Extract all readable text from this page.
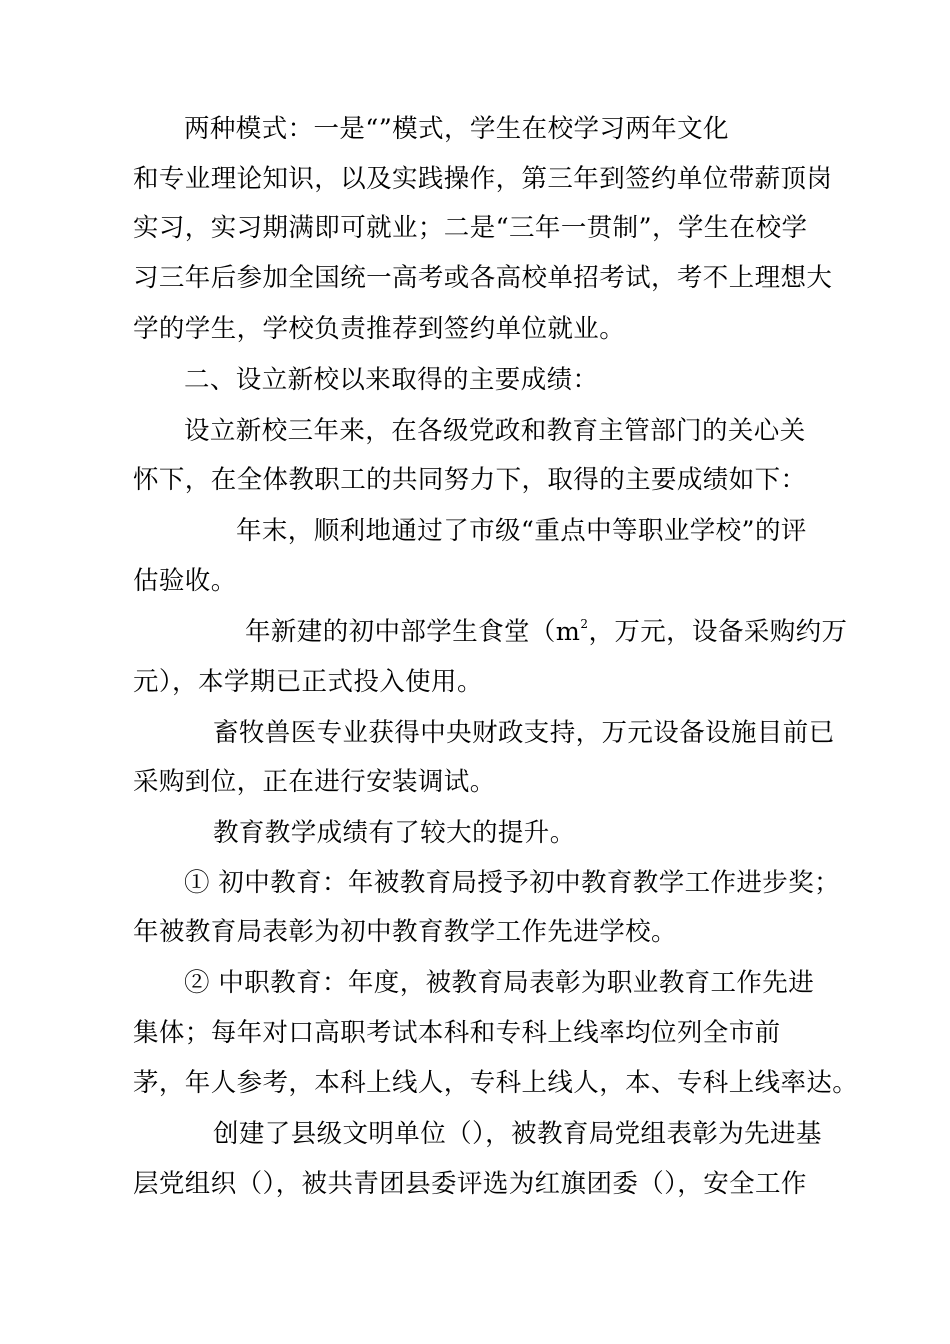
两种模式：一是“”模式，学生在校学习两年文化
和专业理论知识，以及实践操作，第三年到签约单位带薪顶岗
实习，实习期满即可就业；二是“三年一贯制”，学生在校学
习三年后参加全国统一高考或各高校单招考试，考不上理想大
学的学生，学校负责推荐到签约单位就业。
二、设立新校以来取得的主要成绩：
设立新校三年来，在各级党政和教育主管部门的关心关
怀下，在全体教职工的共同努力下，取得的主要成绩如下：
年末，顺利地通过了市级“重点中等职业学校”的评
估验收。
年新建的初中部学生食堂（$m^2$，万元，设备采购约万
元），本学期已正式投入使用。
畜牧兽医专业获得中央财政支持，万元设备设施目前已
采购到位，正在进行安装调试。
教育教学成绩有了较大的提升。
① 初中教育：年被教育局授予初中教育教学工作进步奖；
年被教育局表彰为初中教育教学工作先进学校。
② 中职教育：年度，被教育局表彰为职业教育工作先进
集体；每年对口高职考试本科和专科上线率均位列全市前
茅，年人参考，本科上线人，专科上线人，本、专科上线率达。
创建了县级文明单位（），被教育局党组表彰为先进基
层党组织（），被共青团县委评选为红旗团委（），安全工作
